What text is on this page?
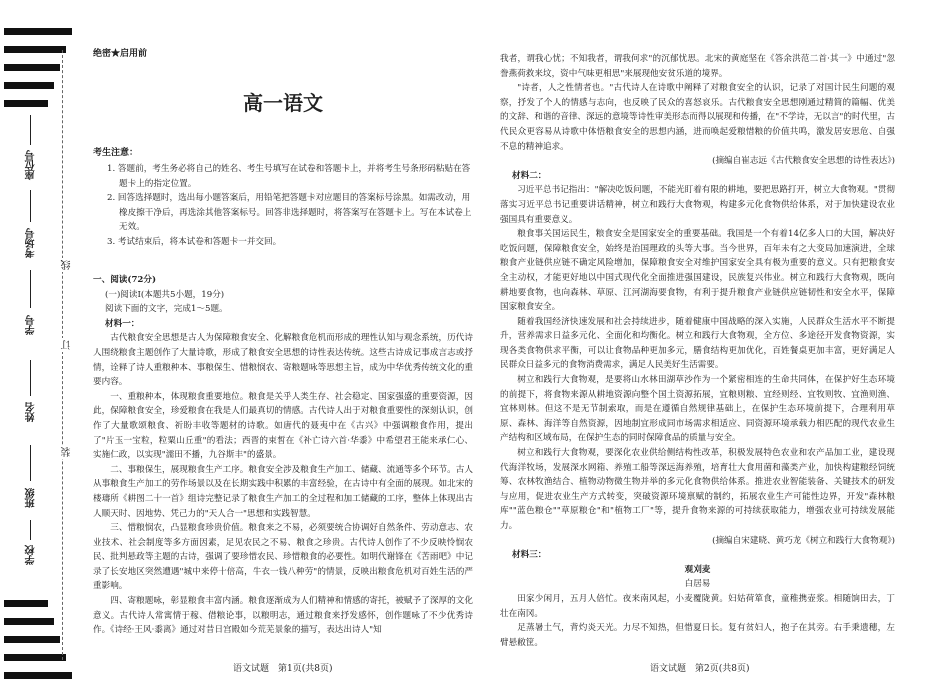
座位号
考场号
班级
姓名
学号
学校
线
订
装
绝密★启用前
高一语文
考生注意：

1. 答题前，考生务必将自己的姓名、考生号填写在试卷和答题卡上，并将考生号条形码粘贴在答题卡上的指定位置。

2. 回答选择题时，选出每小题答案后，用铅笔把答题卡对应题目的答案标号涂黑。如需改动，用橡皮擦干净后，再选涂其他答案标号。回答非选择题时，将答案写在答题卡上。写在本试卷上无效。

3. 考试结束后，将本试卷和答题卡一并交回。

一、阅读(72分)

(一)阅读Ⅰ(本题共5小题，19分)

阅读下面的文字，完成1～5题。

材料一：

古代粮食安全思想是古人为保障粮食安全、化解粮食危机而形成的理性认知与观念系统，历代诗人围绕粮食主题创作了大量诗歌，形成了粮食安全思想的诗性表达传统。这些古诗成记事成言志或抒情，诠释了诗人重粮种本、事粮保生、惜粮悯农、寄粮题咏等思想主旨，成为中华优秀传统文化的重要内容。

一、重粮种本，体现粮食重要地位。粮食是关乎人类生存、社会稳定、国家强盛的重要资源，因此，保障粮食安全，珍爱粮食在我是人们最真切的情感。古代诗人出于对粮食重要性的深刻认识，创作了大量歌颂粮食、祈盼丰收等题材的诗歌。如唐代的聂夷中在《古兴》中强调粮食作用，提出了"片玉一宝粒，粒粟山丘重"的看法；西晋的束皙在《补亡诗六首·华黍》中希望君王能来承仁心、实施仁政，以实现"濡田不播，九谷斯丰"的盛景。

二、事粮保生，展现粮食生产工序。粮食安全涉及粮食生产加工、储藏、流通等多个环节。古人从事粮食生产加工的劳作场景以及在长期实践中积累的丰富经验，在古诗中有全面的展现。如北宋的楼璹所《耕图二十一首》组诗完整记录了粮食生产加工的全过程和加工储藏的工序，整体上体现出古人顺天时、因地势、凭己力的"天人合一"思想和实践智慧。

三、惜粮悯农，凸显粮食珍贵价值。粮食来之不易，必须要统合协调好自然条件、劳动意志、农业技术、社会制度等多方面因素，足见农民之不易、粮食之珍贵。古代诗人创作了不少反映怜悯农民、批判悬政等主题的古诗，强调了要珍惜农民、珍惜粮食的必要性。如明代谢锋在《苦雨吧》中记录了长安地区突然遭遇"城中来停十倍高，牛衣一钱八种劳"的情景，反映出粮食危机对百姓生活的严重影响。

四、寄粮题咏，彰显粮食丰富内涵。粮食逐渐成为人们精神和情感的寄托，被赋予了深厚的文化意义。古代诗人常寓情于稼、借粮论事，以粮明志，通过粮食来抒发感怀，创作题咏了不少优秀诗作。《诗经·王风·黍离》通过对昔日宫殿如今荒芜景象的描写，表达出诗人"知

语文试题　第1页(共8页)

我者，谓我心忧；不知我者，谓我何求"的沉郁忧思。北宋的黄庭坚在《答余洪范二首·其一》中通过"忽誊燕荷救来坟，资中气味更相思"来展现他安贫乐道的境界。

"诗者，人之性情者也。"古代诗人在诗歌中阐释了对粮食安全的认识，记录了对国计民生问题的观察，抒发了个人的情感与志向，也反映了民众的喜怒哀乐。古代粮食安全思想刚通过精简的篇幅、优美的文辞、和谐的音律、深远的意境等诗性审美形态而得以展现和传播，在"不学诗，无以言"的时代里，古代民众更容易从诗歌中体悟粮食安全的思想内涵，进而唤起爱粮惜粮的价值共鸣，激发居安思危、自强不息的精神追求。

(摘编自崔志远《古代粮食安全思想的诗性表达》)

材料二：

习近平总书记指出："解决吃饭问题，不能光盯着有限的耕地，要把思路打开，树立大食物观。"贯彻落实习近平总书记重要讲话精神，树立和践行大食物观，构建多元化食物供给体系，对于加快建设农业强国具有重要意义。

粮食事关国运民生，粮食安全是国家安全的重要基础。我国是一个有着14亿多人口的大国，解决好吃饭问题，保障粮食安全，始终是治国理政的头等大事。当今世界，百年未有之大变局加速演进，全球粮食产业链供应链不确定风险增加，保障粮食安全对维护国家安全具有极为重要的意义。只有把粮食安全主动权，才能更好地以中国式现代化全面推进强国建设，民族复兴伟业。树立和践行大食物观，既向耕地要食物，也向森林、草原、江河湖海要食物，有利于提升粮食产业链供应链韧性和安全水平，保障国家粮食安全。

随着我国经济快速发展和社会持续进步，随着健康中国战略的深入实施，人民群众生活水平不断提升，营养需求日益多元化、全面化和均衡化。树立和践行大食物观，全方位、多途径开发食物资源，实现各类食物供求平衡，可以让食物品种更加多元，膳食结构更加优化，百姓餐桌更加丰富，更好满足人民群众日益多元的食物消费需求，满足人民美好生活需要。

树立和践行大食物观，是要将山水林田湖草沙作为一个紧密相连的生命共同体，在保护好生态环境的前提下，将食物来源从耕地资源向整个国土资源拓展，宜粮则粮、宜经则经、宜牧则牧、宜渔则渔、宜林则林。但这不是无节制索取，而是在遵循自然规律基础上，在保护生态环境前提下，合理利用草原、森林、海洋等自然资源，因地制宜形成同市场需求相适应、同资源环境承载力相匹配的现代农业生产结构和区域布局，在保护生态的同时保障食品的质量与安全。

树立和践行大食物观，要深化农业供给侧结构性改革，积极发展特色农业和农产品加工业，建设现代海洋牧场，发展深水网箱、养殖工船等深远海养殖，培育壮大食用菌和藻类产业，加快构建粮经饲统筹、农林牧渔结合、植物动物微生物并举的多元化食物供给体系。推进农业智能装备、关键技术的研发与应用，促进农业生产方式转变，突破资源环境禀赋的制约，拓展农业生产可能性边界，开发"森林粮库""蓝色粮仓""草原粮仓"和"植物工厂"等，提升食物来源的可持续获取能力，增强农业可持续发展能力。

(摘编自宋建晓、黄巧龙《树立和践行大食物观》)

材料三：

观刈麦

白居易

田家少闲月，五月人倍忙。夜来南风起，小麦覆陇黄。妇姑荷箪食，童稚携壶浆。相随饷田去，丁壮在南冈。

足蒸暑土气，背灼炎天光。力尽不知热，但惜夏日长。复有贫妇人，抱子在其旁。右手秉遗穗，左臂悬敝筐。

语文试题　第2页(共8页)
